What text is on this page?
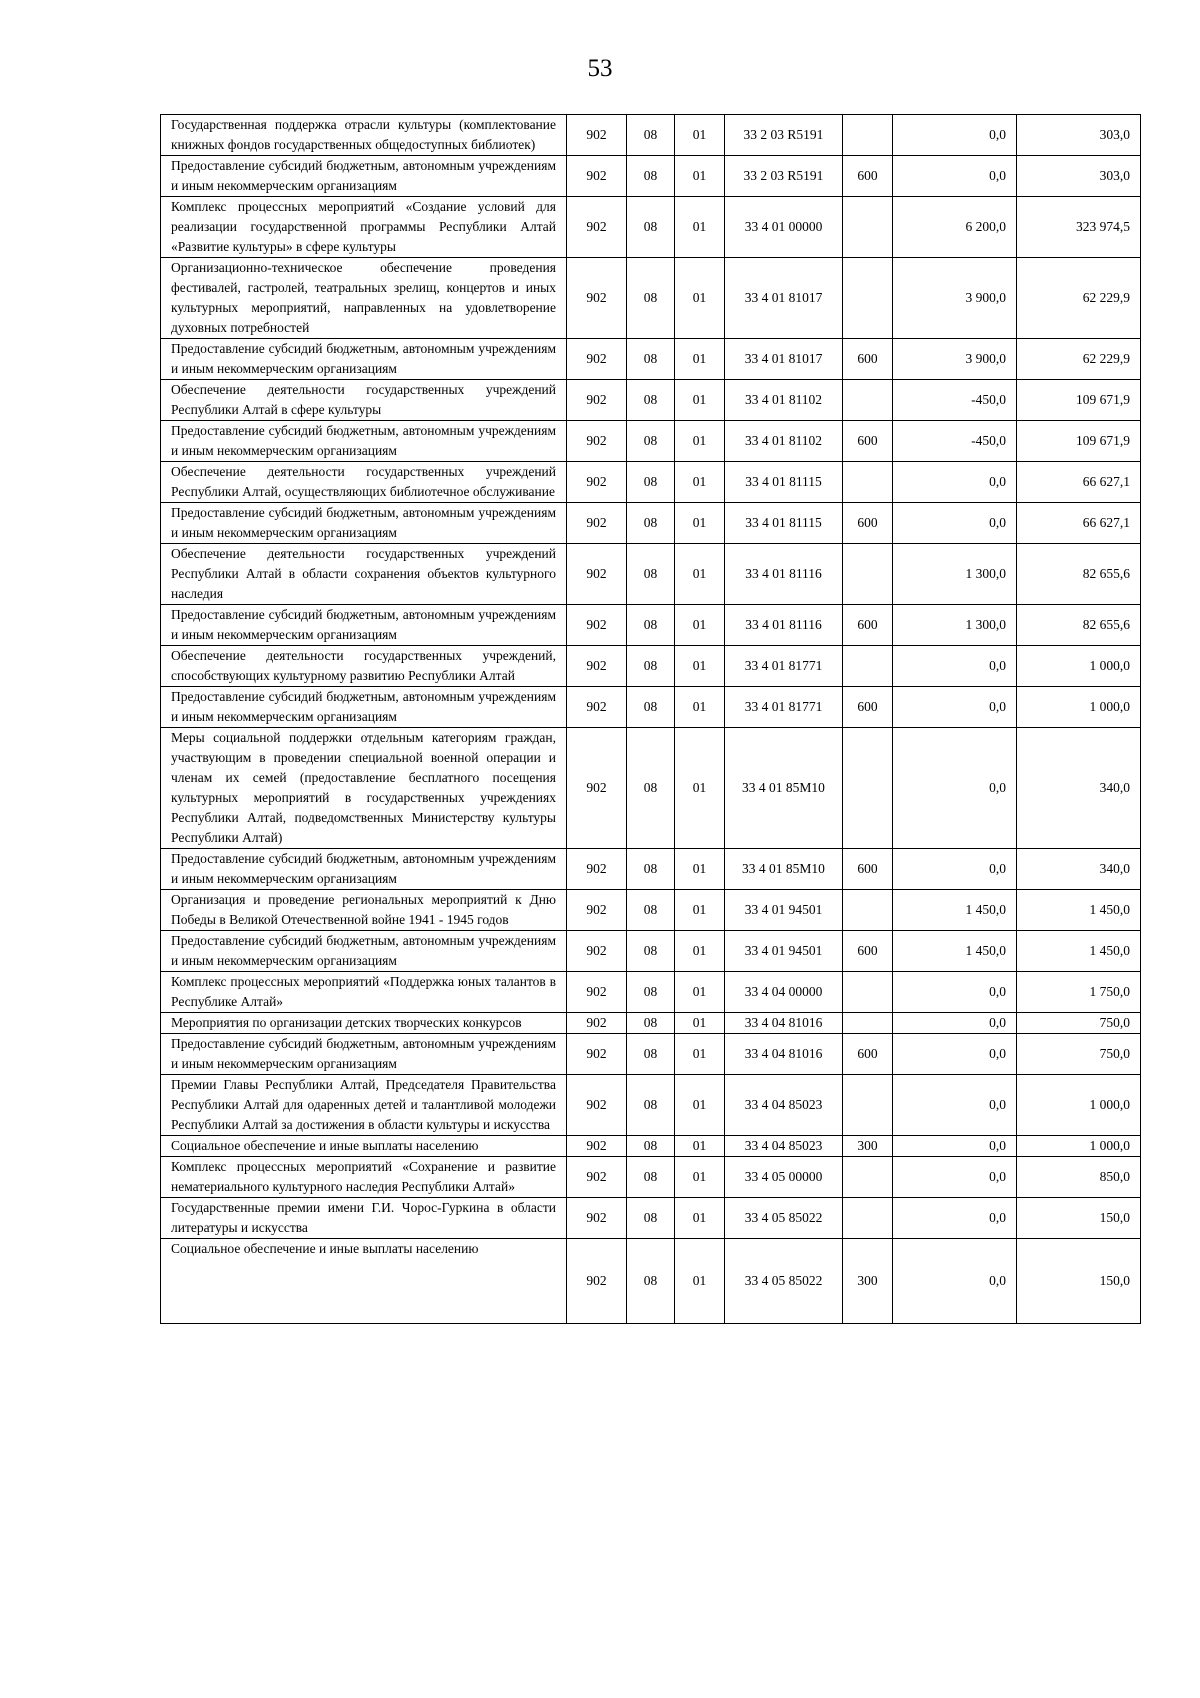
53
Государственная поддержка отрасли культуры (комплектование книжных фондов государственных общедоступных библиотек)	902	08	01	33 2 03 R5191		0,0	303,0
Предоставление субсидий бюджетным, автономным учреждениям и иным некоммерческим организациям	902	08	01	33 2 03 R5191	600	0,0	303,0
Комплекс процессных мероприятий «Создание условий для реализации государственной программы Республики Алтай «Развитие культуры» в сфере культуры	902	08	01	33 4 01 00000		6 200,0	323 974,5
Организационно-техническое обеспечение проведения фестивалей, гастролей, театральных зрелищ, концертов и иных культурных мероприятий, направленных на удовлетворение духовных потребностей	902	08	01	33 4 01 81017		3 900,0	62 229,9
Предоставление субсидий бюджетным, автономным учреждениям и иным некоммерческим организациям	902	08	01	33 4 01 81017	600	3 900,0	62 229,9
Обеспечение деятельности государственных учреждений Республики Алтай в сфере культуры	902	08	01	33 4 01 81102		-450,0	109 671,9
Предоставление субсидий бюджетным, автономным учреждениям и иным некоммерческим организациям	902	08	01	33 4 01 81102	600	-450,0	109 671,9
Обеспечение деятельности государственных учреждений Республики Алтай, осуществляющих библиотечное обслуживание	902	08	01	33 4 01 81115		0,0	66 627,1
Предоставление субсидий бюджетным, автономным учреждениям и иным некоммерческим организациям	902	08	01	33 4 01 81115	600	0,0	66 627,1
Обеспечение деятельности государственных учреждений Республики Алтай в области сохранения объектов культурного наследия	902	08	01	33 4 01 81116		1 300,0	82 655,6
Предоставление субсидий бюджетным, автономным учреждениям и иным некоммерческим организациям	902	08	01	33 4 01 81116	600	1 300,0	82 655,6
Обеспечение деятельности государственных учреждений, способствующих культурному развитию Республики Алтай	902	08	01	33 4 01 81771		0,0	1 000,0
Предоставление субсидий бюджетным, автономным учреждениям и иным некоммерческим организациям	902	08	01	33 4 01 81771	600	0,0	1 000,0
Меры социальной поддержки отдельным категориям граждан, участвующим в проведении специальной военной операции и членам их семей (предоставление бесплатного посещения культурных мероприятий в государственных учреждениях Республики Алтай, подведомственных Министерству культуры Республики Алтай)	902	08	01	33 4 01 85М10		0,0	340,0
Предоставление субсидий бюджетным, автономным учреждениям и иным некоммерческим организациям	902	08	01	33 4 01 85М10	600	0,0	340,0
Организация и проведение региональных мероприятий к Дню Победы в Великой Отечественной войне 1941 - 1945 годов	902	08	01	33 4 01 94501		1 450,0	1 450,0
Предоставление субсидий бюджетным, автономным учреждениям и иным некоммерческим организациям	902	08	01	33 4 01 94501	600	1 450,0	1 450,0
Комплекс процессных мероприятий «Поддержка юных талантов в Республике Алтай»	902	08	01	33 4 04 00000		0,0	1 750,0
Мероприятия по организации детских творческих конкурсов	902	08	01	33 4 04 81016		0,0	750,0
Предоставление субсидий бюджетным, автономным учреждениям и иным некоммерческим организациям	902	08	01	33 4 04 81016	600	0,0	750,0
Премии Главы Республики Алтай, Председателя Правительства Республики Алтай для одаренных детей и талантливой молодежи Республики Алтай за достижения в области культуры и искусства	902	08	01	33 4 04 85023		0,0	1 000,0
Социальное обеспечение и иные выплаты населению	902	08	01	33 4 04 85023	300	0,0	1 000,0
Комплекс процессных мероприятий «Сохранение и развитие нематериального культурного наследия Республики Алтай»	902	08	01	33 4 05 00000		0,0	850,0
Государственные премии имени Г.И. Чорос-Гуркина в области литературы и искусства	902	08	01	33 4 05 85022		0,0	150,0
Социальное обеспечение и иные выплаты населению	902	08	01	33 4 05 85022	300	0,0	150,0
